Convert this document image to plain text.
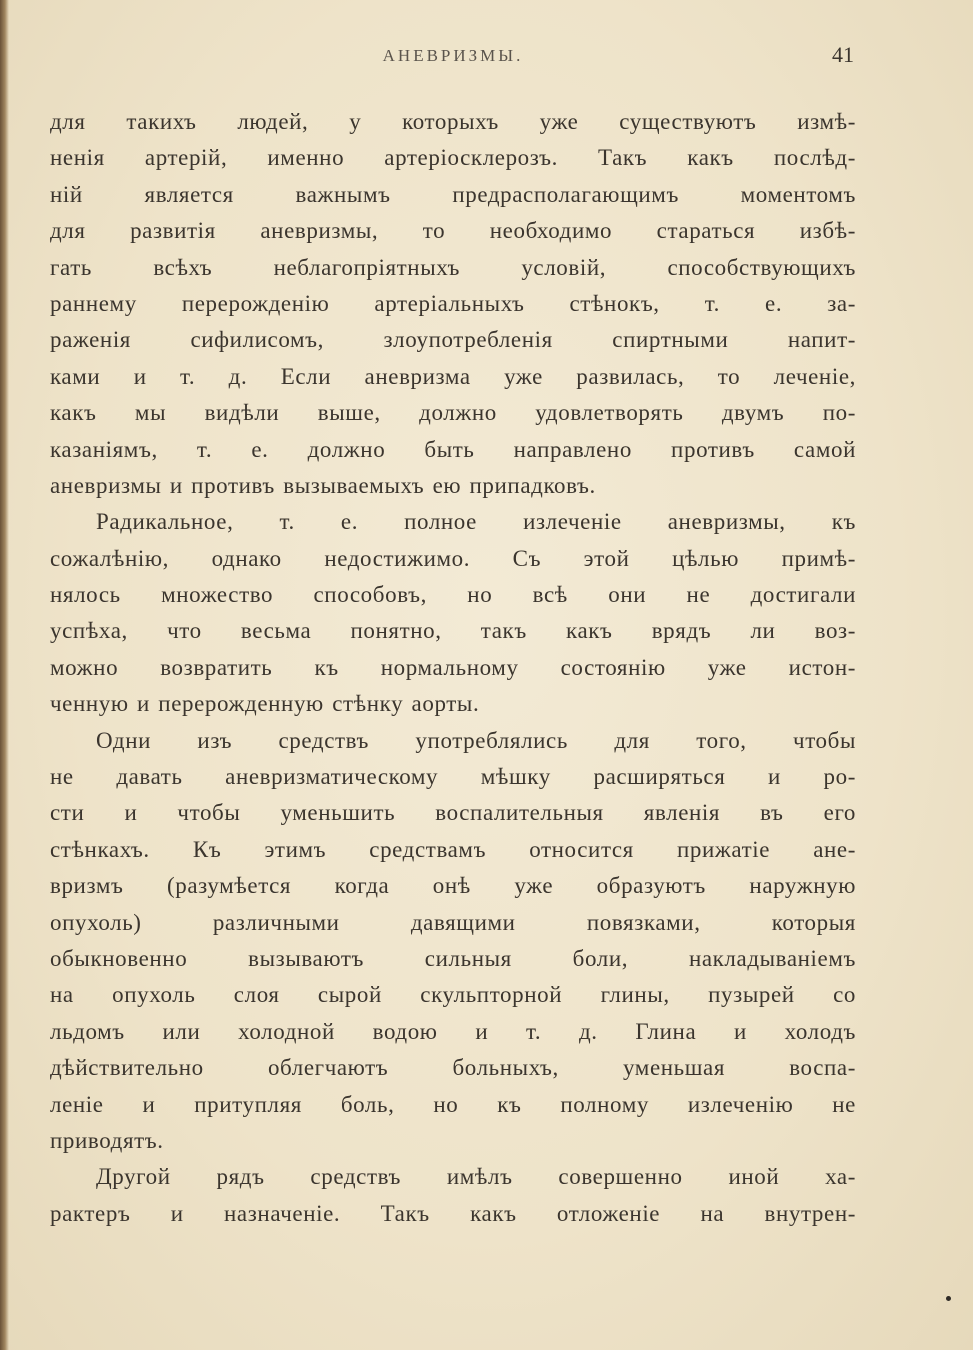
АНЕВРИЗМЫ.	41
для такихъ людей, у которыхъ уже существуютъ измѣ-
ненія артерій, именно артеріосклерозъ. Такъ какъ послѣд-
ній является важнымъ предрасполагающимъ моментомъ
для развитія аневризмы, то необходимо стараться избѣ-
гать всѣхъ неблагопріятныхъ условій, способствующихъ
раннему перерожденію артеріальныхъ стѣнокъ, т. е. за-
раженія сифилисомъ, злоупотребленія спиртными напит-
ками и т. д. Если аневризма уже развилась, то леченіе,
какъ мы видѣли выше, должно удовлетворять двумъ по-
казаніямъ, т. е. должно быть направлено противъ самой
аневризмы и противъ вызываемыхъ ею припадковъ.
Радикальное, т. е. полное излеченіе аневризмы, къ
сожалѣнію, однако недостижимо. Съ этой цѣлью примѣ-
нялось множество способовъ, но всѣ они не достигали
успѣха, что весьма понятно, такъ какъ врядъ ли воз-
можно возвратить къ нормальному состоянію уже истон-
ченную и перерожденную стѣнку аорты.
Одни изъ средствъ употреблялись для того, чтобы
не давать аневризматическому мѣшку расширяться и ро-
сти и чтобы уменьшить воспалительныя явленія въ его
стѣнкахъ. Къ этимъ средствамъ относится прижатіе ане-
вризмъ (разумѣется когда онѣ уже образуютъ наружную
опухоль) различными давящими повязками, которыя
обыкновенно вызываютъ сильныя боли, накладываніемъ
на опухоль слоя сырой скульпторной глины, пузырей со
льдомъ или холодной водою и т. д. Глина и холодъ
дѣйствительно облегчаютъ больныхъ, уменьшая воспа-
леніе и притупляя боль, но къ полному излеченію не
приводятъ.
Другой рядъ средствъ имѣлъ совершенно иной ха-
рактеръ и назначеніе. Такъ какъ отложеніе на внутрен-
